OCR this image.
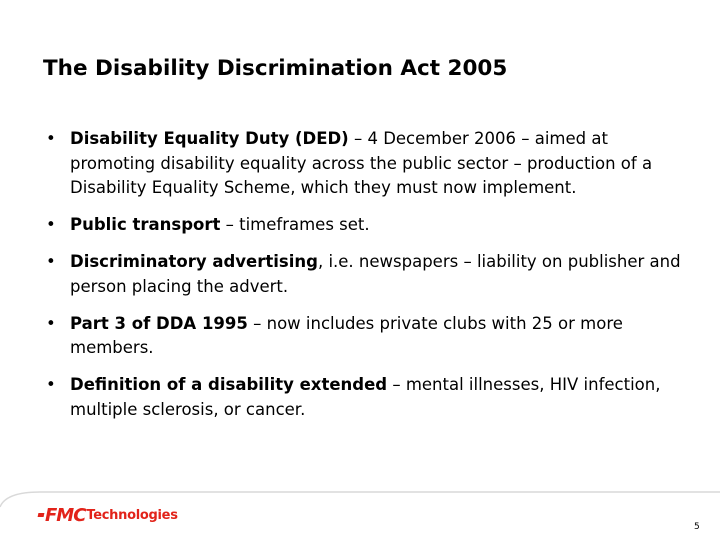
The Disability Discrimination Act 2005
• Disability Equality Duty (DED) – 4 December 2006 – aimed at promoting disability equality across the public sector – production of a Disability Equality Scheme, which they must now implement.
• Public transport – timeframes set.
• Discriminatory advertising, i.e. newspapers – liability on publisher and person placing the advert.
• Part 3 of DDA 1995 – now includes private clubs with 25 or more members.
• Definition of a disability extended – mental illnesses, HIV infection, multiple sclerosis, or cancer.
FMC Technologies
5
